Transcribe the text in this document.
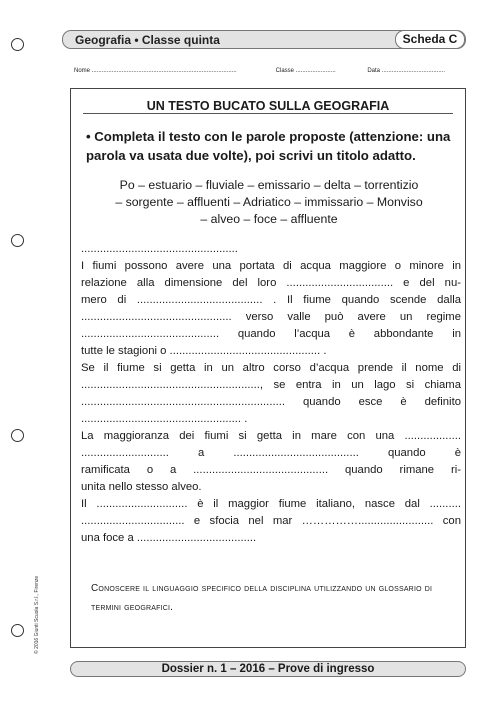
Geografia • Classe quinta	Scheda C
Nome .......................................................................................	Classe ........................	Data ......................................
UN TESTO BUCATO SULLA GEOGRAFIA
• Completa il testo con le parole proposte (attenzione: una parola va usata due volte), poi scrivi un titolo adatto.
Po – estuario – fluviale – emissario – delta – torrentizio
– sorgente – affluenti – Adriatico – immissario – Monviso
– alveo – foce – affluente
..................................................
I fiumi possono avere una portata di acqua maggiore o minore in
relazione alla dimensione del loro .................................. e del nu-
mero di ........................................ . Il fiume quando scende dalla
................................................ verso valle può avere un regime
............................................ quando l’acqua è abbondante in
tutte le stagioni o ................................................ .
Se il fiume si getta in un altro corso d’acqua prende il nome di
........................................................., se entra in un lago si chiama
................................................................. quando esce è definito
................................................... .
La maggioranza dei fiumi si getta in mare con una ..................
............................ a ........................................ quando è
ramificata o a ........................................... quando rimane ri-
unita nello stesso alveo.
Il ............................. è il maggior fiume italiano, nasce dal ..........
................................. e sfocia nel mar ……………........................ con
una foce a ......................................
Conoscere il linguaggio specifico della disciplina utilizzando un glossario di termini geografici.
© 2016 Giunti Scuola S.r.l., Firenze
Dossier n. 1 – 2016 – Prove di ingresso
